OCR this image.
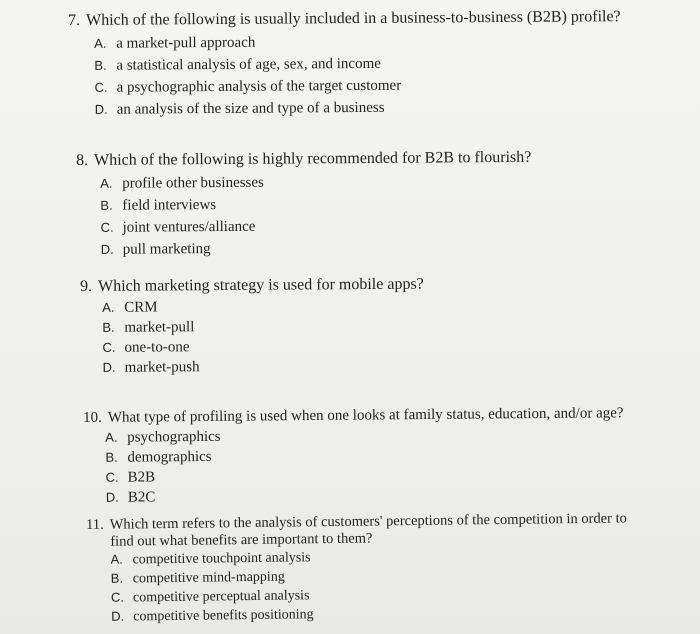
7. Which of the following is usually included in a business-to-business (B2B) profile?
A. a market-pull approach
B. a statistical analysis of age, sex, and income
C. a psychographic analysis of the target customer
D. an analysis of the size and type of a business
8. Which of the following is highly recommended for B2B to flourish?
A. profile other businesses
B. field interviews
C. joint ventures/alliance
D. pull marketing
9. Which marketing strategy is used for mobile apps?
A. CRM
B. market-pull
C. one-to-one
D. market-push
10. What type of profiling is used when one looks at family status, education, and/or age?
A. psychographics
B. demographics
C. B2B
D. B2C
11. Which term refers to the analysis of customers' perceptions of the competition in order to
find out what benefits are important to them?
A. competitive touchpoint analysis
B. competitive mind-mapping
C. competitive perceptual analysis
D. competitive benefits positioning
